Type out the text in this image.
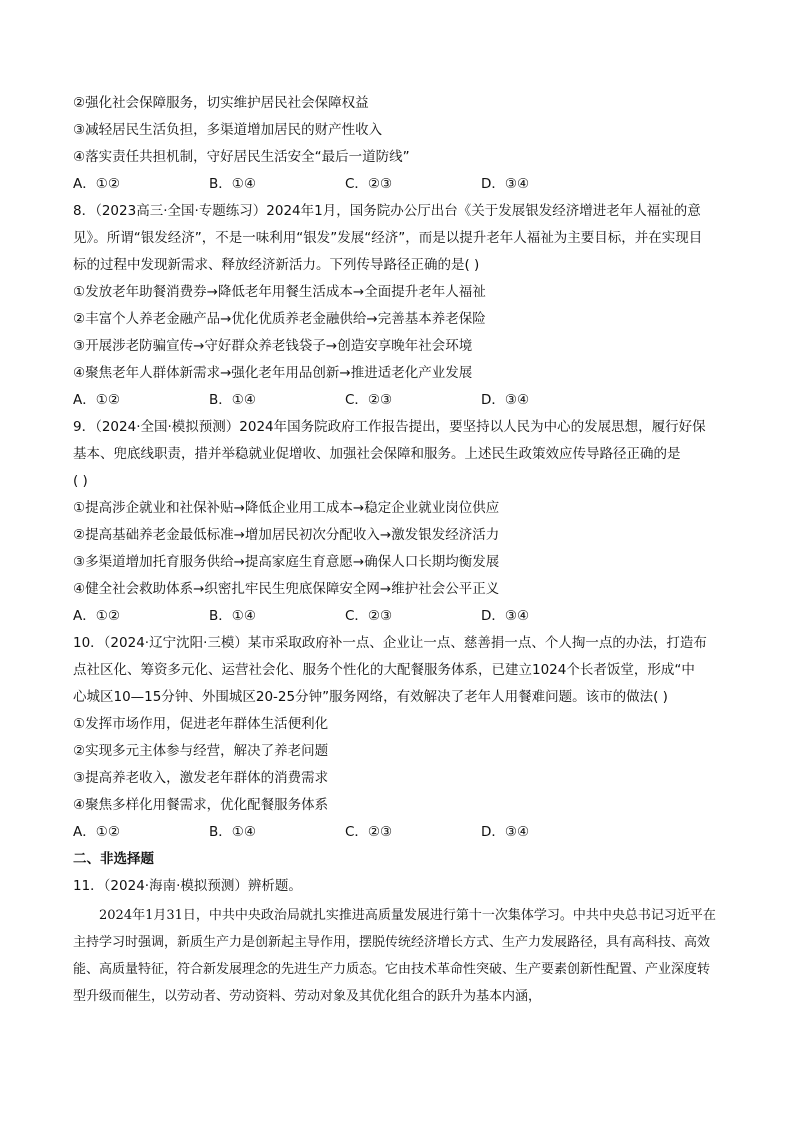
②强化社会保障服务，切实维护居民社会保障权益
③减轻居民生活负担，多渠道增加居民的财产性收入
④落实责任共担机制，守好居民生活安全“最后一道防线”
A．①②	B．①④	C．②③	D．③④
8．（2023高三·全国·专题练习）2024年1月，国务院办公厅出台《关于发展银发经济增进老年人福祉的意
见》。所谓“银发经济”，不是一味利用“银发”发展“经济”，而是以提升老年人福祉为主要目标，并在实现目
标的过程中发现新需求、释放经济新活力。下列传导路径正确的是( )
①发放老年助餐消费券→降低老年用餐生活成本→全面提升老年人福祉
②丰富个人养老金融产品→优化优质养老金融供给→完善基本养老保险
③开展涉老防骗宣传→守好群众养老钱袋子→创造安享晚年社会环境
④聚焦老年人群体新需求→强化老年用品创新→推进适老化产业发展
A．①②	B．①④	C．②③	D．③④
9．（2024·全国·模拟预测）2024年国务院政府工作报告提出，要坚持以人民为中心的发展思想，履行好保
基本、兜底线职责，措并举稳就业促增收、加强社会保障和服务。上述民生政策效应传导路径正确的是
( )
①提高涉企就业和社保补贴→降低企业用工成本→稳定企业就业岗位供应
②提高基础养老金最低标准→增加居民初次分配收入→激发银发经济活力
③多渠道增加托育服务供给→提高家庭生育意愿→确保人口长期均衡发展
④健全社会救助体系→织密扎牢民生兜底保障安全网→维护社会公平正义
A．①②	B．①④	C．②③	D．③④
10．（2024·辽宁沈阳·三模）某市采取政府补一点、企业让一点、慈善捐一点、个人掏一点的办法，打造布
点社区化、筹资多元化、运营社会化、服务个性化的大配餐服务体系，已建立1024个长者饭堂，形成“中
心城区10—15分钟、外围城区20-25分钟”服务网络，有效解决了老年人用餐难问题。该市的做法( )
①发挥市场作用，促进老年群体生活便利化
②实现多元主体参与经营，解决了养老问题
③提高养老收入，激发老年群体的消费需求
④聚焦多样化用餐需求，优化配餐服务体系
A．①②	B．①④	C．②③	D．③④
二、非选择题
11．（2024·海南·模拟预测）辨析题。
2024年1月31日，中共中央政治局就扎实推进高质量发展进行第十一次集体学习。中共中央总书记习近平在主持学习时强调，新质生产力是创新起主导作用，摆脱传统经济增长方式、生产力发展路径，具有高科技、高效能、高质量特征，符合新发展理念的先进生产力质态。它由技术革命性突破、生产要素创新性配置、产业深度转型升级而催生，以劳动者、劳动资料、劳动对象及其优化组合的跃升为基本内涵，
